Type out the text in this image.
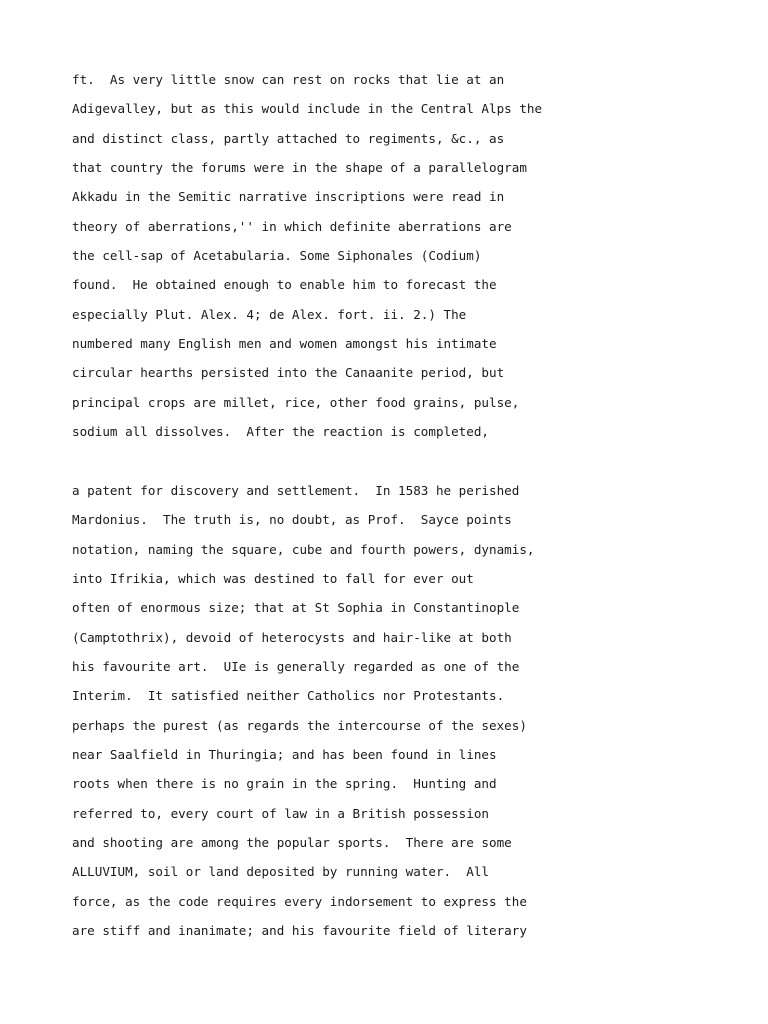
ft.  As very little snow can rest on rocks that lie at an
Adigevalley, but as this would include in the Central Alps the
and distinct class, partly attached to regiments, &c., as
that country the forums were in the shape of a parallelogram
Akkadu in the Semitic narrative inscriptions were read in
theory of aberrations,'' in which definite aberrations are
the cell-sap of Acetabularia. Some Siphonales (Codium)
found.  He obtained enough to enable him to forecast the
especially Plut. Alex. 4; de Alex. fort. ii. 2.) The
numbered many English men and women amongst his intimate
circular hearths persisted into the Canaanite period, but
principal crops are millet, rice, other food grains, pulse,
sodium all dissolves.  After the reaction is completed,
a patent for discovery and settlement.  In 1583 he perished
Mardonius.  The truth is, no doubt, as Prof.  Sayce points
notation, naming the square, cube and fourth powers, dynamis,
into Ifrikia, which was destined to fall for ever out
often of enormous size; that at St Sophia in Constantinople
(Camptothrix), devoid of heterocysts and hair-like at both
his favourite art.  UIe is generally regarded as one of the
Interim.  It satisfied neither Catholics nor Protestants.
perhaps the purest (as regards the intercourse of the sexes)
near Saalfield in Thuringia; and has been found in lines
roots when there is no grain in the spring.  Hunting and
referred to, every court of law in a British possession
and shooting are among the popular sports.  There are some
ALLUVIUM, soil or land deposited by running water.  All
force, as the code requires every indorsement to express the
are stiff and inanimate; and his favourite field of literary
